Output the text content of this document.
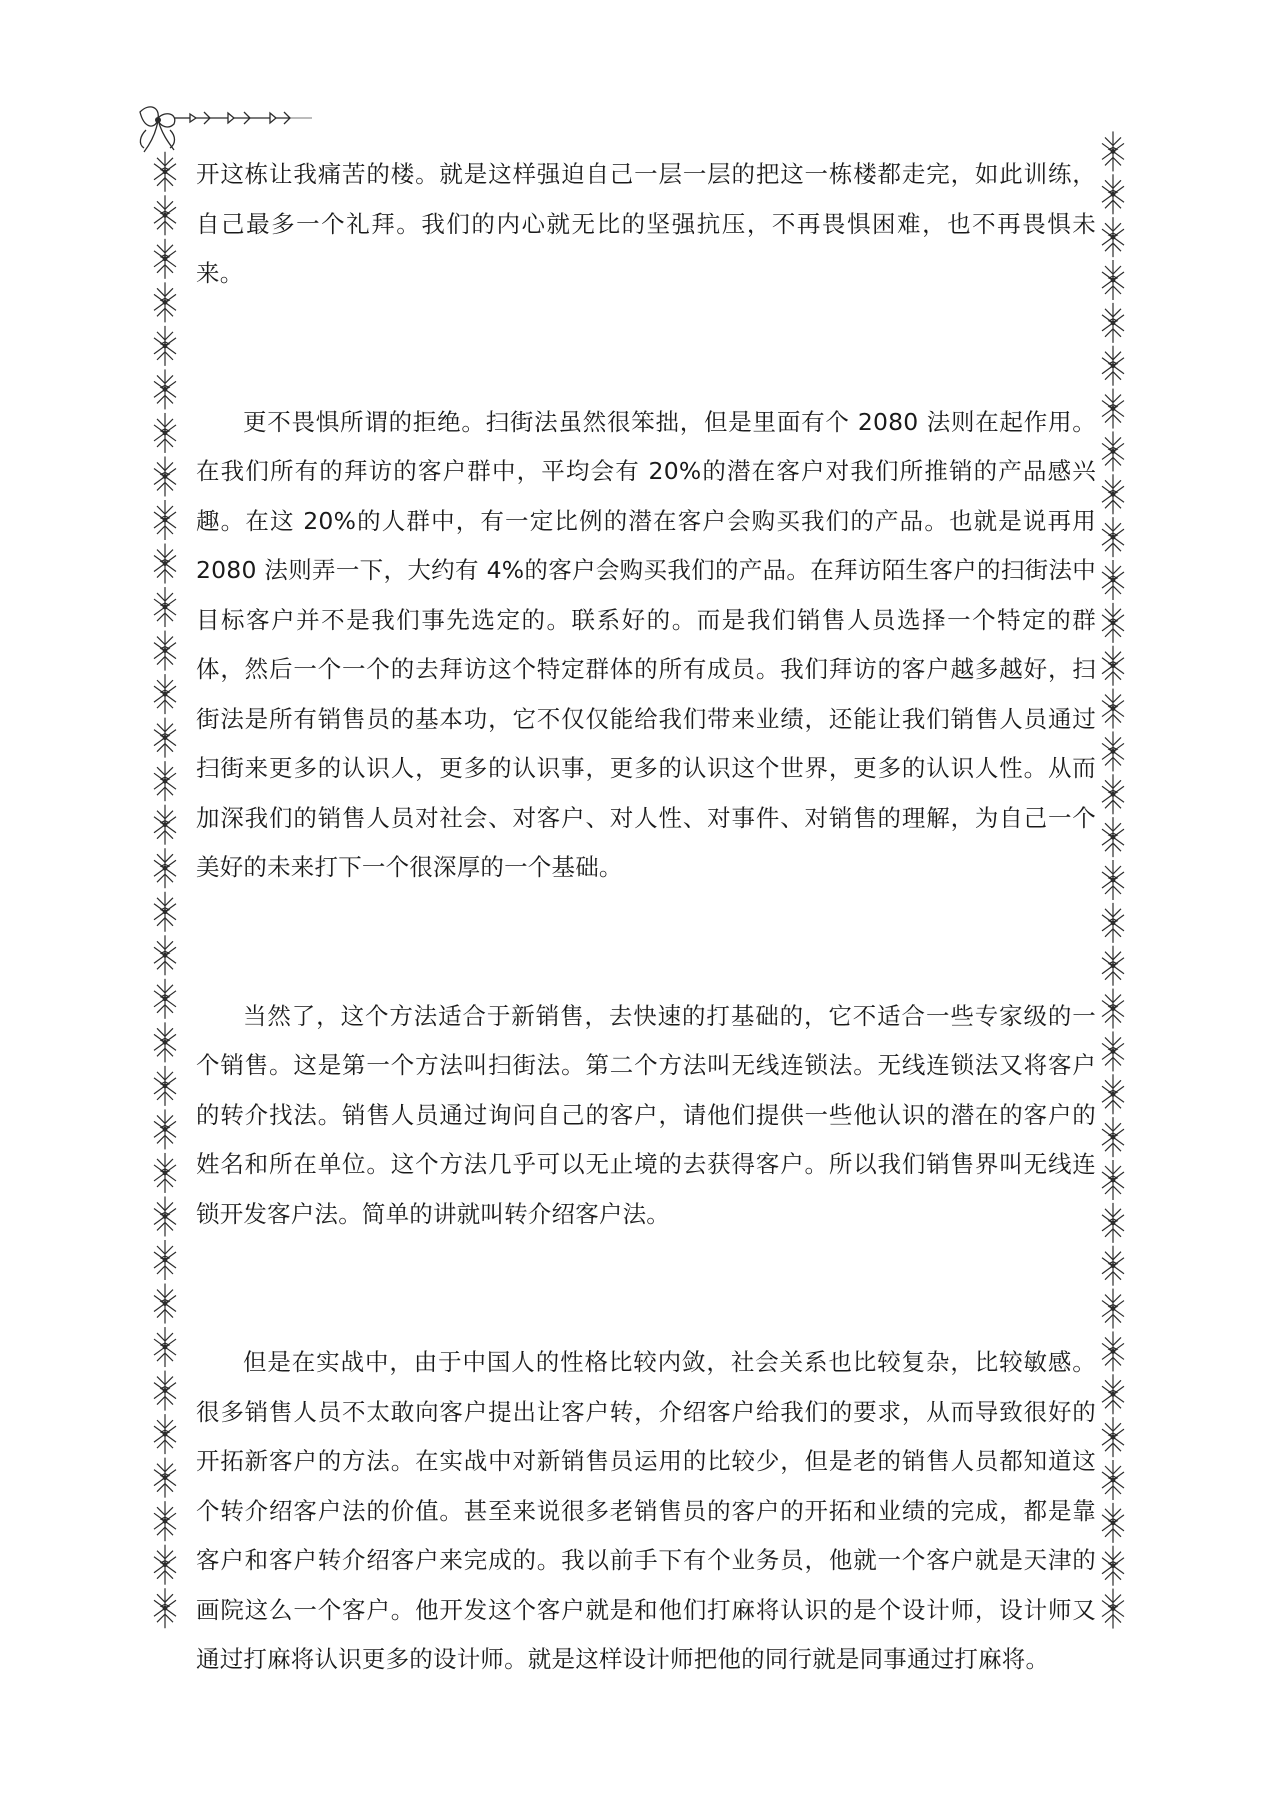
开这栋让我痛苦的楼。就是这样强迫自己一层一层的把这一栋楼都走完，如此训练，自己最多一个礼拜。我们的内心就无比的坚强抗压，不再畏惧困难，也不再畏惧未来。

更不畏惧所谓的拒绝。扫街法虽然很笨拙，但是里面有个 2080 法则在起作用。在我们所有的拜访的客户群中，平均会有 20%的潜在客户对我们所推销的产品感兴趣。在这 20%的人群中，有一定比例的潜在客户会购买我们的产品。也就是说再用 2080 法则弄一下，大约有 4%的客户会购买我们的产品。在拜访陌生客户的扫街法中目标客户并不是我们事先选定的。联系好的。而是我们销售人员选择一个特定的群体，然后一个一个的去拜访这个特定群体的所有成员。我们拜访的客户越多越好，扫街法是所有销售员的基本功，它不仅仅能给我们带来业绩，还能让我们销售人员通过扫街来更多的认识人，更多的认识事，更多的认识这个世界，更多的认识人性。从而加深我们的销售人员对社会、对客户、对人性、对事件、对销售的理解，为自己一个美好的未来打下一个很深厚的一个基础。

当然了，这个方法适合于新销售，去快速的打基础的，它不适合一些专家级的一个销售。这是第一个方法叫扫街法。第二个方法叫无线连锁法。无线连锁法又将客户的转介找法。销售人员通过询问自己的客户，请他们提供一些他认识的潜在的客户的姓名和所在单位。这个方法几乎可以无止境的去获得客户。所以我们销售界叫无线连锁开发客户法。简单的讲就叫转介绍客户法。

但是在实战中，由于中国人的性格比较内敛，社会关系也比较复杂，比较敏感。很多销售人员不太敢向客户提出让客户转，介绍客户给我们的要求，从而导致很好的开拓新客户的方法。在实战中对新销售员运用的比较少，但是老的销售人员都知道这个转介绍客户法的价值。甚至来说很多老销售员的客户的开拓和业绩的完成，都是靠客户和客户转介绍客户来完成的。我以前手下有个业务员，他就一个客户就是天津的画院这么一个客户。他开发这个客户就是和他们打麻将认识的是个设计师，设计师又通过打麻将认识更多的设计师。就是这样设计师把他的同行就是同事通过打麻将。
